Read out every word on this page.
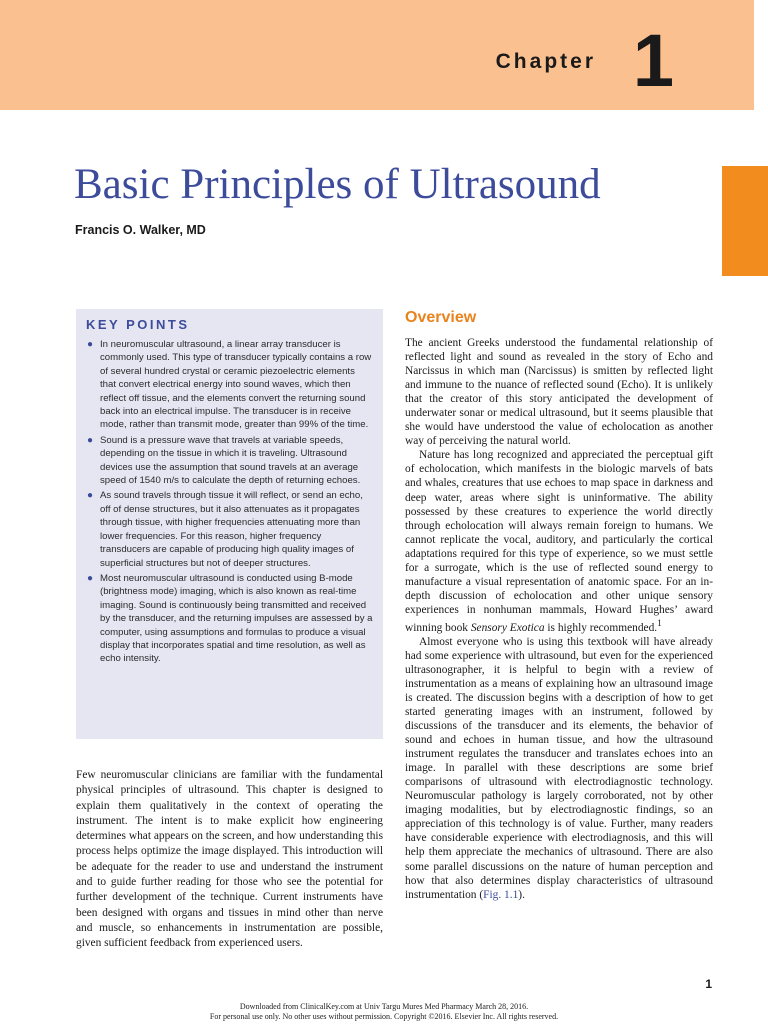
Chapter 1
Basic Principles of Ultrasound
Francis O. Walker, MD
KEY POINTS
● In neuromuscular ultrasound, a linear array transducer is commonly used. This type of transducer typically contains a row of several hundred crystal or ceramic piezoelectric elements that convert electrical energy into sound waves, which then reflect off tissue, and the elements convert the returning sound back into an electrical impulse. The transducer is in receive mode, rather than transmit mode, greater than 99% of the time.
● Sound is a pressure wave that travels at variable speeds, depending on the tissue in which it is traveling. Ultrasound devices use the assumption that sound travels at an average speed of 1540 m/s to calculate the depth of returning echoes.
● As sound travels through tissue it will reflect, or send an echo, off of dense structures, but it also attenuates as it propagates through tissue, with higher frequencies attenuating more than lower frequencies. For this reason, higher frequency transducers are capable of producing high quality images of superficial structures but not of deeper structures.
● Most neuromuscular ultrasound is conducted using B-mode (brightness mode) imaging, which is also known as real-time imaging. Sound is continuously being transmitted and received by the transducer, and the returning impulses are assessed by a computer, using assumptions and formulas to produce a visual display that incorporates spatial and time resolution, as well as echo intensity.

Few neuromuscular clinicians are familiar with the fundamental physical principles of ultrasound. This chapter is designed to explain them qualitatively in the context of operating the instrument. The intent is to make explicit how engineering determines what appears on the screen, and how understanding this process helps optimize the image displayed. This introduction will be adequate for the reader to use and understand the instrument and to guide further reading for those who see the potential for further development of the technique. Current instruments have been designed with organs and tissues in mind other than nerve and muscle, so enhancements in instrumentation are possible, given sufficient feedback from experienced users.

Overview

The ancient Greeks understood the fundamental relationship of reflected light and sound as revealed in the story of Echo and Narcissus in which man (Narcissus) is smitten by reflected light and immune to the nuance of reflected sound (Echo). It is unlikely that the creator of this story anticipated the development of underwater sonar or medical ultrasound, but it seems plausible that she would have understood the value of echolocation as another way of perceiving the natural world.

Nature has long recognized and appreciated the perceptual gift of echolocation, which manifests in the biologic marvels of bats and whales, creatures that use echoes to map space in darkness and deep water, areas where sight is uninformative. The ability possessed by these creatures to experience the world directly through echolocation will always remain foreign to humans. We cannot replicate the vocal, auditory, and particularly the cortical adaptations required for this type of experience, so we must settle for a surrogate, which is the use of reflected sound energy to manufacture a visual representation of anatomic space. For an in-depth discussion of echolocation and other unique sensory experiences in nonhuman mammals, Howard Hughes’ award winning book Sensory Exotica is highly recommended.$^1$

Almost everyone who is using this textbook will have already had some experience with ultrasound, but even for the experienced ultrasonographer, it is helpful to begin with a review of instrumentation as a means of explaining how an ultrasound image is created. The discussion begins with a description of how to get started generating images with an instrument, followed by discussions of the transducer and its elements, the behavior of sound and echoes in human tissue, and how the ultrasound instrument regulates the transducer and translates echoes into an image. In parallel with these descriptions are some brief comparisons of ultrasound with electrodiagnostic technology. Neuromuscular pathology is largely corroborated, not by other imaging modalities, but by electrodiagnostic findings, so an appreciation of this technology is of value. Further, many readers have considerable experience with electrodiagnosis, and this will help them appreciate the mechanics of ultrasound. There are also some parallel discussions on the nature of human perception and how that also determines display characteristics of ultrasound instrumentation (Fig. 1.1).

1
Downloaded from ClinicalKey.com at Univ Targu Mures Med Pharmacy March 28, 2016.
For personal use only. No other uses without permission. Copyright ©2016. Elsevier Inc. All rights reserved.
